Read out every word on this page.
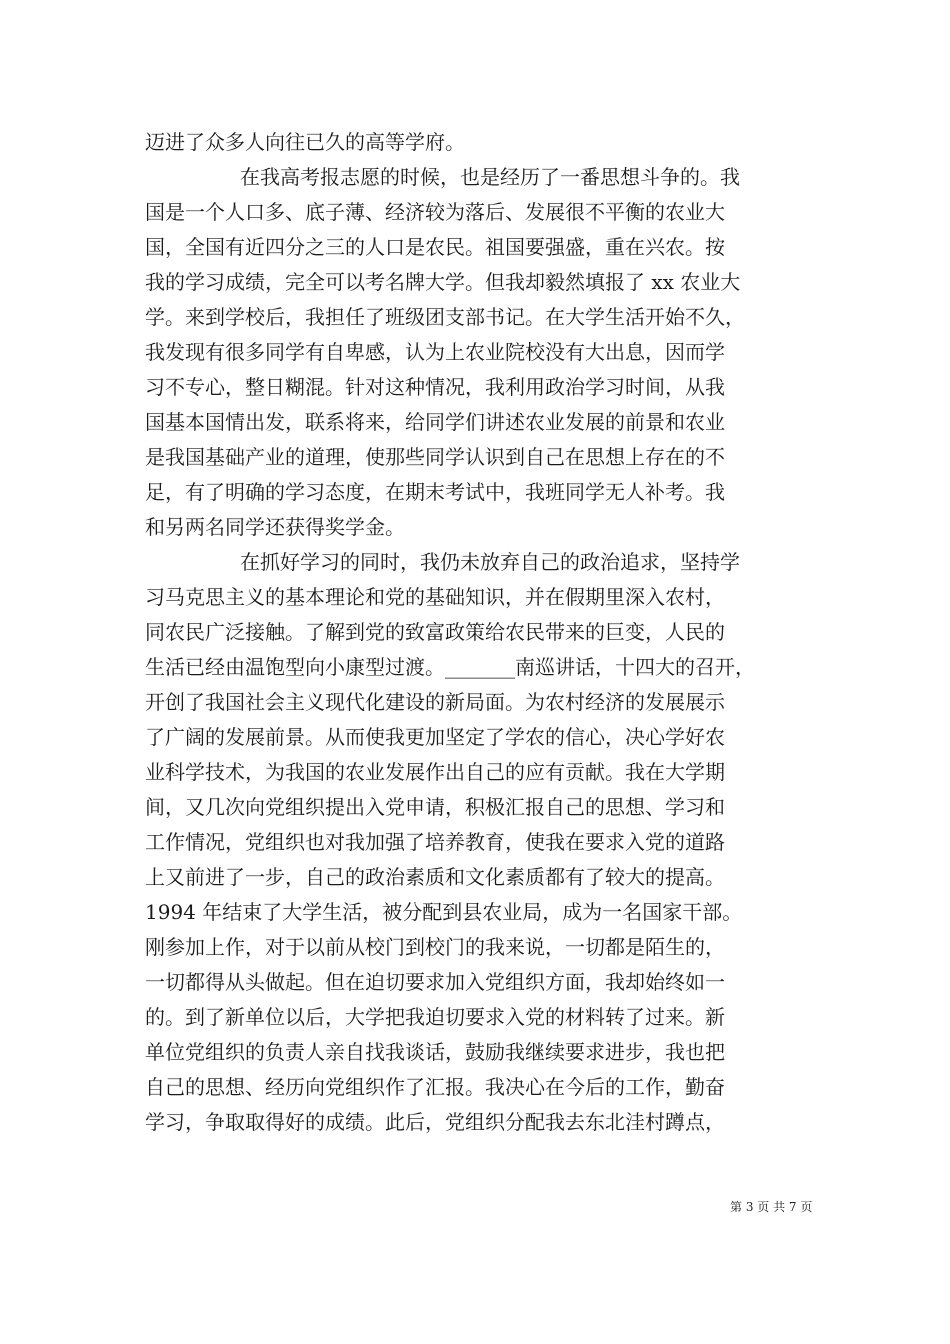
迈进了众多人向往已久的高等学府。
在我高考报志愿的时候，也是经历了一番思想斗争的。我
国是一个人口多、底子薄、经济较为落后、发展很不平衡的农业大
国，全国有近四分之三的人口是农民。祖国要强盛，重在兴农。按
我的学习成绩，完全可以考名牌大学。但我却毅然填报了 xx 农业大
学。来到学校后，我担任了班级团支部书记。在大学生活开始不久，
我发现有很多同学有自卑感，认为上农业院校没有大出息，因而学
习不专心，整日糊混。针对这种情况，我利用政治学习时间，从我
国基本国情出发，联系将来，给同学们讲述农业发展的前景和农业
是我国基础产业的道理，使那些同学认识到自己在思想上存在的不
足，有了明确的学习态度，在期末考试中，我班同学无人补考。我
和另两名同学还获得奖学金。
在抓好学习的同时，我仍未放弃自己的政治追求，坚持学
习马克思主义的基本理论和党的基础知识，并在假期里深入农村，
同农民广泛接触。了解到党的致富政策给农民带来的巨变，人民的
生活已经由温饱型向小康型过渡。_______南巡讲话，十四大的召开，
开创了我国社会主义现代化建设的新局面。为农村经济的发展展示
了广阔的发展前景。从而使我更加坚定了学农的信心，决心学好农
业科学技术，为我国的农业发展作出自己的应有贡献。我在大学期
间，又几次向党组织提出入党申请，积极汇报自己的思想、学习和
工作情况，党组织也对我加强了培养教育，使我在要求入党的道路
上又前进了一步，自己的政治素质和文化素质都有了较大的提高。
1994 年结束了大学生活，被分配到县农业局，成为一名国家干部。
刚参加上作，对于以前从校门到校门的我来说，一切都是陌生的，
一切都得从头做起。但在迫切要求加入党组织方面，我却始终如一
的。到了新单位以后，大学把我迫切要求入党的材料转了过来。新
单位党组织的负责人亲自找我谈话，鼓励我继续要求进步，我也把
自己的思想、经历向党组织作了汇报。我决心在今后的工作，勤奋
学习，争取取得好的成绩。此后，党组织分配我去东北洼村蹲点，
第 3 页 共 7 页
